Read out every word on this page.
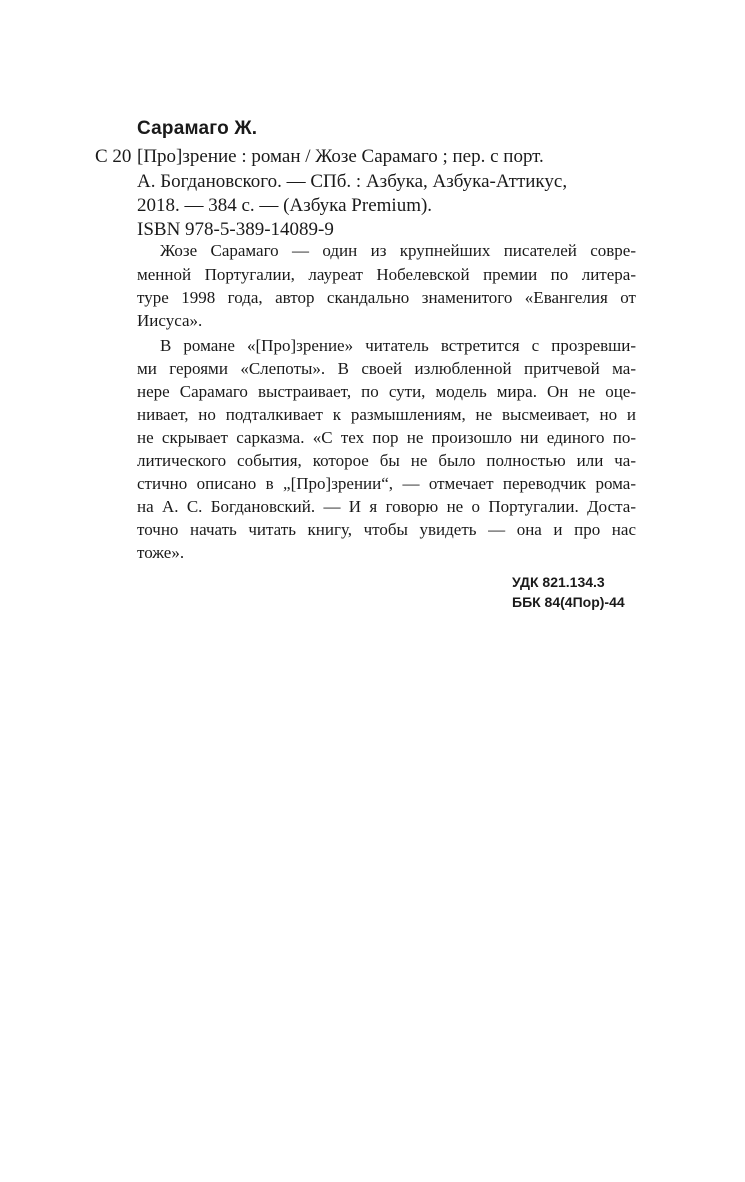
Сарамаго Ж.
С 20 [Про]зрение : роман / Жозе Сарамаго ; пер. с порт.
А. Богдановского. — СПб. : Азбука, Азбука-Аттикус,
2018. — 384 с. — (Азбука Premium).
ISBN 978-5-389-14089-9
Жозе Сарамаго — один из крупнейших писателей совре-
менной Португалии, лауреат Нобелевской премии по литера-
туре 1998 года, автор скандально знаменитого «Евангелия от
Иисуса».
В романе «[Про]зрение» читатель встретится с прозревши-
ми героями «Слепоты». В своей излюбленной притчевой ма-
нере Сарамаго выстраивает, по сути, модель мира. Он не оце-
нивает, но подталкивает к размышлениям, не высмеивает, но и
не скрывает сарказма. «С тех пор не произошло ни единого по-
литического события, которое бы не было полностью или ча-
стично описано в „[Про]зрении“, — отмечает переводчик рома-
на А. С. Богдановский. — И я говорю не о Португалии. Доста-
точно начать читать книгу, чтобы увидеть — она и про нас
тоже».
УДК 821.134.3
ББК 84(4Пор)-44
